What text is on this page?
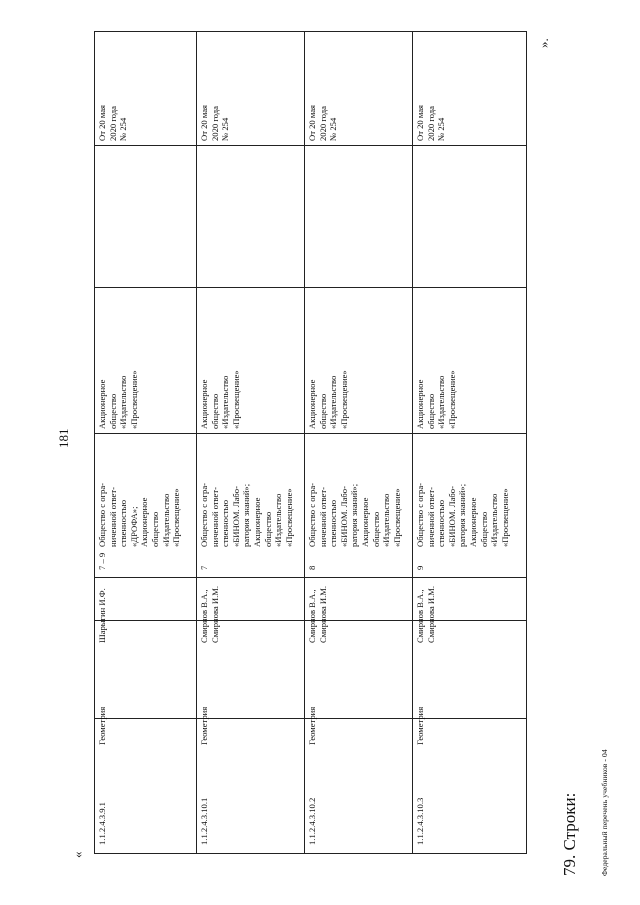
181
«
».
79. Строки:	Федеральный перечень учебников - 04
1.1.2.4.3.9.1
Геометрия
Шарыгин И.Ф.
7 – 9
Общество с огра- ниченной ответ- ственностью «ДРОФА»; Акционерное общество «Издательство «Просвещение»
Акционерное общество «Издательство «Просвещение»
От 20 мая 2020 года № 254
1.1.2.4.3.10.1
Геометрия
Смирнов В.А., Смирнова И.М.
7
Общество с огра- ниченной ответ- ственностью «БИНОМ. Лабо- ратория знаний»; Акционерное общество «Издательство «Просвещение»
Акционерное общество «Издательство «Просвещение»
От 20 мая 2020 года № 254
1.1.2.4.3.10.2
Геометрия
Смирнов В.А., Смирнова И.М.
8
Общество с огра- ниченной ответ- ственностью «БИНОМ. Лабо- ратория знаний»; Акционерное общество «Издательство «Просвещение»
Акционерное общество «Издательство «Просвещение»
От 20 мая 2020 года № 254
1.1.2.4.3.10.3
Геометрия
Смирнов В.А., Смирнова И.М.
9
Общество с огра- ниченной ответ- ственностью «БИНОМ. Лабо- ратория знаний»; Акционерное общество «Издательство «Просвещение»
Акционерное общество «Издательство «Просвещение»
От 20 мая 2020 года № 254
